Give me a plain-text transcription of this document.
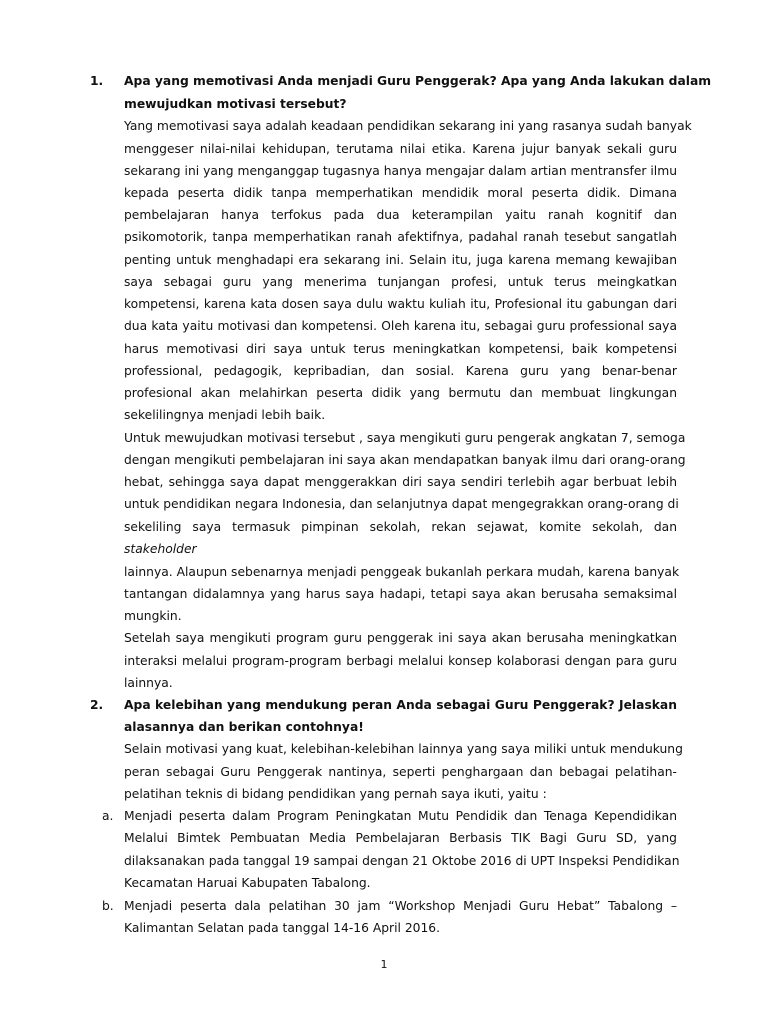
1. Apa yang memotivasi Anda menjadi Guru Penggerak? Apa yang Anda lakukan dalam
mewujudkan motivasi tersebut?
Yang memotivasi saya adalah keadaan pendidikan sekarang ini yang rasanya sudah banyak
menggeser nilai-nilai kehidupan, terutama nilai etika. Karena jujur banyak sekali guru
sekarang ini yang menganggap tugasnya hanya mengajar dalam artian mentransfer ilmu
kepada peserta didik tanpa memperhatikan mendidik moral peserta didik. Dimana
pembelajaran hanya terfokus pada dua keterampilan yaitu ranah kognitif dan
psikomotorik, tanpa memperhatikan ranah afektifnya, padahal ranah tesebut sangatlah
penting untuk menghadapi era sekarang ini. Selain itu, juga karena memang kewajiban
saya sebagai guru yang menerima tunjangan profesi, untuk terus meingkatkan
kompetensi, karena kata dosen saya dulu waktu kuliah itu, Profesional itu gabungan dari
dua kata yaitu motivasi dan kompetensi. Oleh karena itu, sebagai guru professional saya
harus memotivasi diri saya untuk terus meningkatkan kompetensi, baik kompetensi
professional, pedagogik, kepribadian, dan sosial. Karena guru yang benar-benar
profesional akan melahirkan peserta didik yang bermutu dan membuat lingkungan
sekelilingnya menjadi lebih baik.
Untuk mewujudkan motivasi tersebut , saya mengikuti guru pengerak angkatan 7, semoga
dengan mengikuti pembelajaran ini saya akan mendapatkan banyak ilmu dari orang-orang
hebat, sehingga saya dapat menggerakkan diri saya sendiri terlebih agar berbuat lebih
untuk pendidikan negara Indonesia, dan selanjutnya dapat mengegrakkan orang-orang di
sekeliling saya termasuk pimpinan sekolah, rekan sejawat, komite sekolah, dan
stakeholder
lainnya. Alaupun sebenarnya menjadi penggeak bukanlah perkara mudah, karena banyak
tantangan didalamnya yang harus saya hadapi, tetapi saya akan berusaha semaksimal
mungkin.
Setelah saya mengikuti program guru penggerak ini saya akan berusaha meningkatkan
interaksi melalui program-program berbagi melalui konsep kolaborasi dengan para guru
lainnya.
2. Apa kelebihan yang mendukung peran Anda sebagai Guru Penggerak? Jelaskan
alasannya dan berikan contohnya!
Selain motivasi yang kuat, kelebihan-kelebihan lainnya yang saya miliki untuk mendukung
peran sebagai Guru Penggerak nantinya, seperti penghargaan dan bebagai pelatihan-
pelatihan teknis di bidang pendidikan yang pernah saya ikuti, yaitu :
a. Menjadi peserta dalam Program Peningkatan Mutu Pendidik dan Tenaga Kependidikan
Melalui Bimtek Pembuatan Media Pembelajaran Berbasis TIK Bagi Guru SD, yang
dilaksanakan pada tanggal 19 sampai dengan 21 Oktobe 2016 di UPT Inspeksi Pendidikan
Kecamatan Haruai Kabupaten Tabalong.
b. Menjadi peserta dala pelatihan 30 jam “Workshop Menjadi Guru Hebat” Tabalong –
Kalimantan Selatan pada tanggal 14-16 April 2016.
1
